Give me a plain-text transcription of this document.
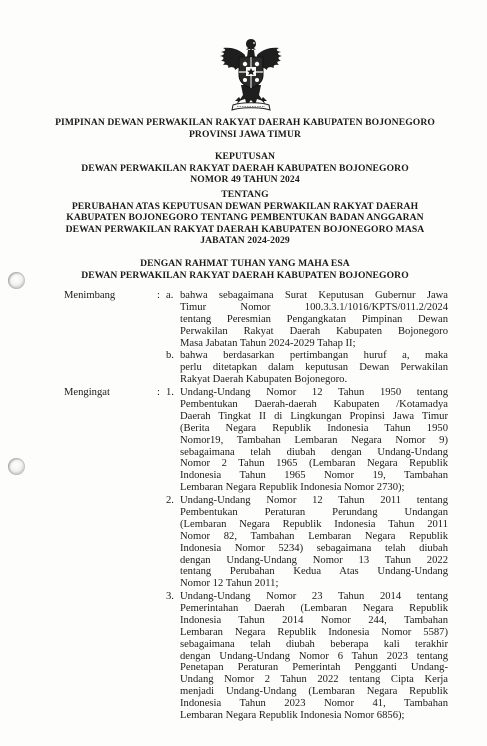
PIMPINAN DEWAN PERWAKILAN RAKYAT DAERAH KABUPATEN BOJONEGORO
PROVINSI JAWA TIMUR
KEPUTUSAN
DEWAN PERWAKILAN RAKYAT DAERAH KABUPATEN BOJONEGORO
NOMOR 49 TAHUN 2024
TENTANG
PERUBAHAN ATAS KEPUTUSAN DEWAN PERWAKILAN RAKYAT DAERAH
KABUPATEN BOJONEGORO TENTANG PEMBENTUKAN BADAN ANGGARAN
DEWAN PERWAKILAN RAKYAT DAERAH KABUPATEN BOJONEGORO MASA
JABATAN 2024-2029
DENGAN RAHMAT TUHAN YANG MAHA ESA
DEWAN PERWAKILAN RAKYAT DAERAH KABUPATEN BOJONEGORO
Menimbang	: a. bahwa sebagaimana Surat Keputusan Gubernur Jawa
Timur Nomor 100.3.3.1/1016/KPTS/011.2/2024
tentang Peresmian Pengangkatan Pimpinan Dewan
Perwakilan Rakyat Daerah Kabupaten Bojonegoro
Masa Jabatan Tahun 2024-2029 Tahap II;
b. bahwa berdasarkan pertimbangan huruf a, maka
perlu ditetapkan dalam keputusan Dewan Perwakilan
Rakyat Daerah Kabupaten Bojonegoro.
Mengingat	: 1. Undang-Undang Nomor 12 Tahun 1950 tentang
Pembentukan Daerah-daerah Kabupaten /Kotamadya
Daerah Tingkat II di Lingkungan Propinsi Jawa Timur
(Berita Negara Republik Indonesia Tahun 1950
Nomor19, Tambahan Lembaran Negara Nomor 9)
sebagaimana telah diubah dengan Undang-Undang
Nomor 2 Tahun 1965 (Lembaran Negara Republik
Indonesia Tahun 1965 Nomor 19, Tambahan
Lembaran Negara Republik Indonesia Nomor 2730);
2. Undang-Undang Nomor 12 Tahun 2011 tentang
Pembentukan Peraturan Perundang Undangan
(Lembaran Negara Republik Indonesia Tahun 2011
Nomor 82, Tambahan Lembaran Negara Republik
Indonesia Nomor 5234) sebagaimana telah diubah
dengan Undang-Undang Nomor 13 Tahun 2022
tentang Perubahan Kedua Atas Undang-Undang
Nomor 12 Tahun 2011;
3. Undang-Undang Nomor 23 Tahun 2014 tentang
Pemerintahan Daerah (Lembaran Negara Republik
Indonesia Tahun 2014 Nomor 244, Tambahan
Lembaran Negara Republik Indonesia Nomor 5587)
sebagaimana telah diubah beberapa kali terakhir
dengan Undang-Undang Nomor 6 Tahun 2023 tentang
Penetapan Peraturan Pemerintah Pengganti Undang-
Undang Nomor 2 Tahun 2022 tentang Cipta Kerja
menjadi Undang-Undang (Lembaran Negara Republik
Indonesia Tahun 2023 Nomor 41, Tambahan
Lembaran Negara Republik Indonesia Nomor 6856);
